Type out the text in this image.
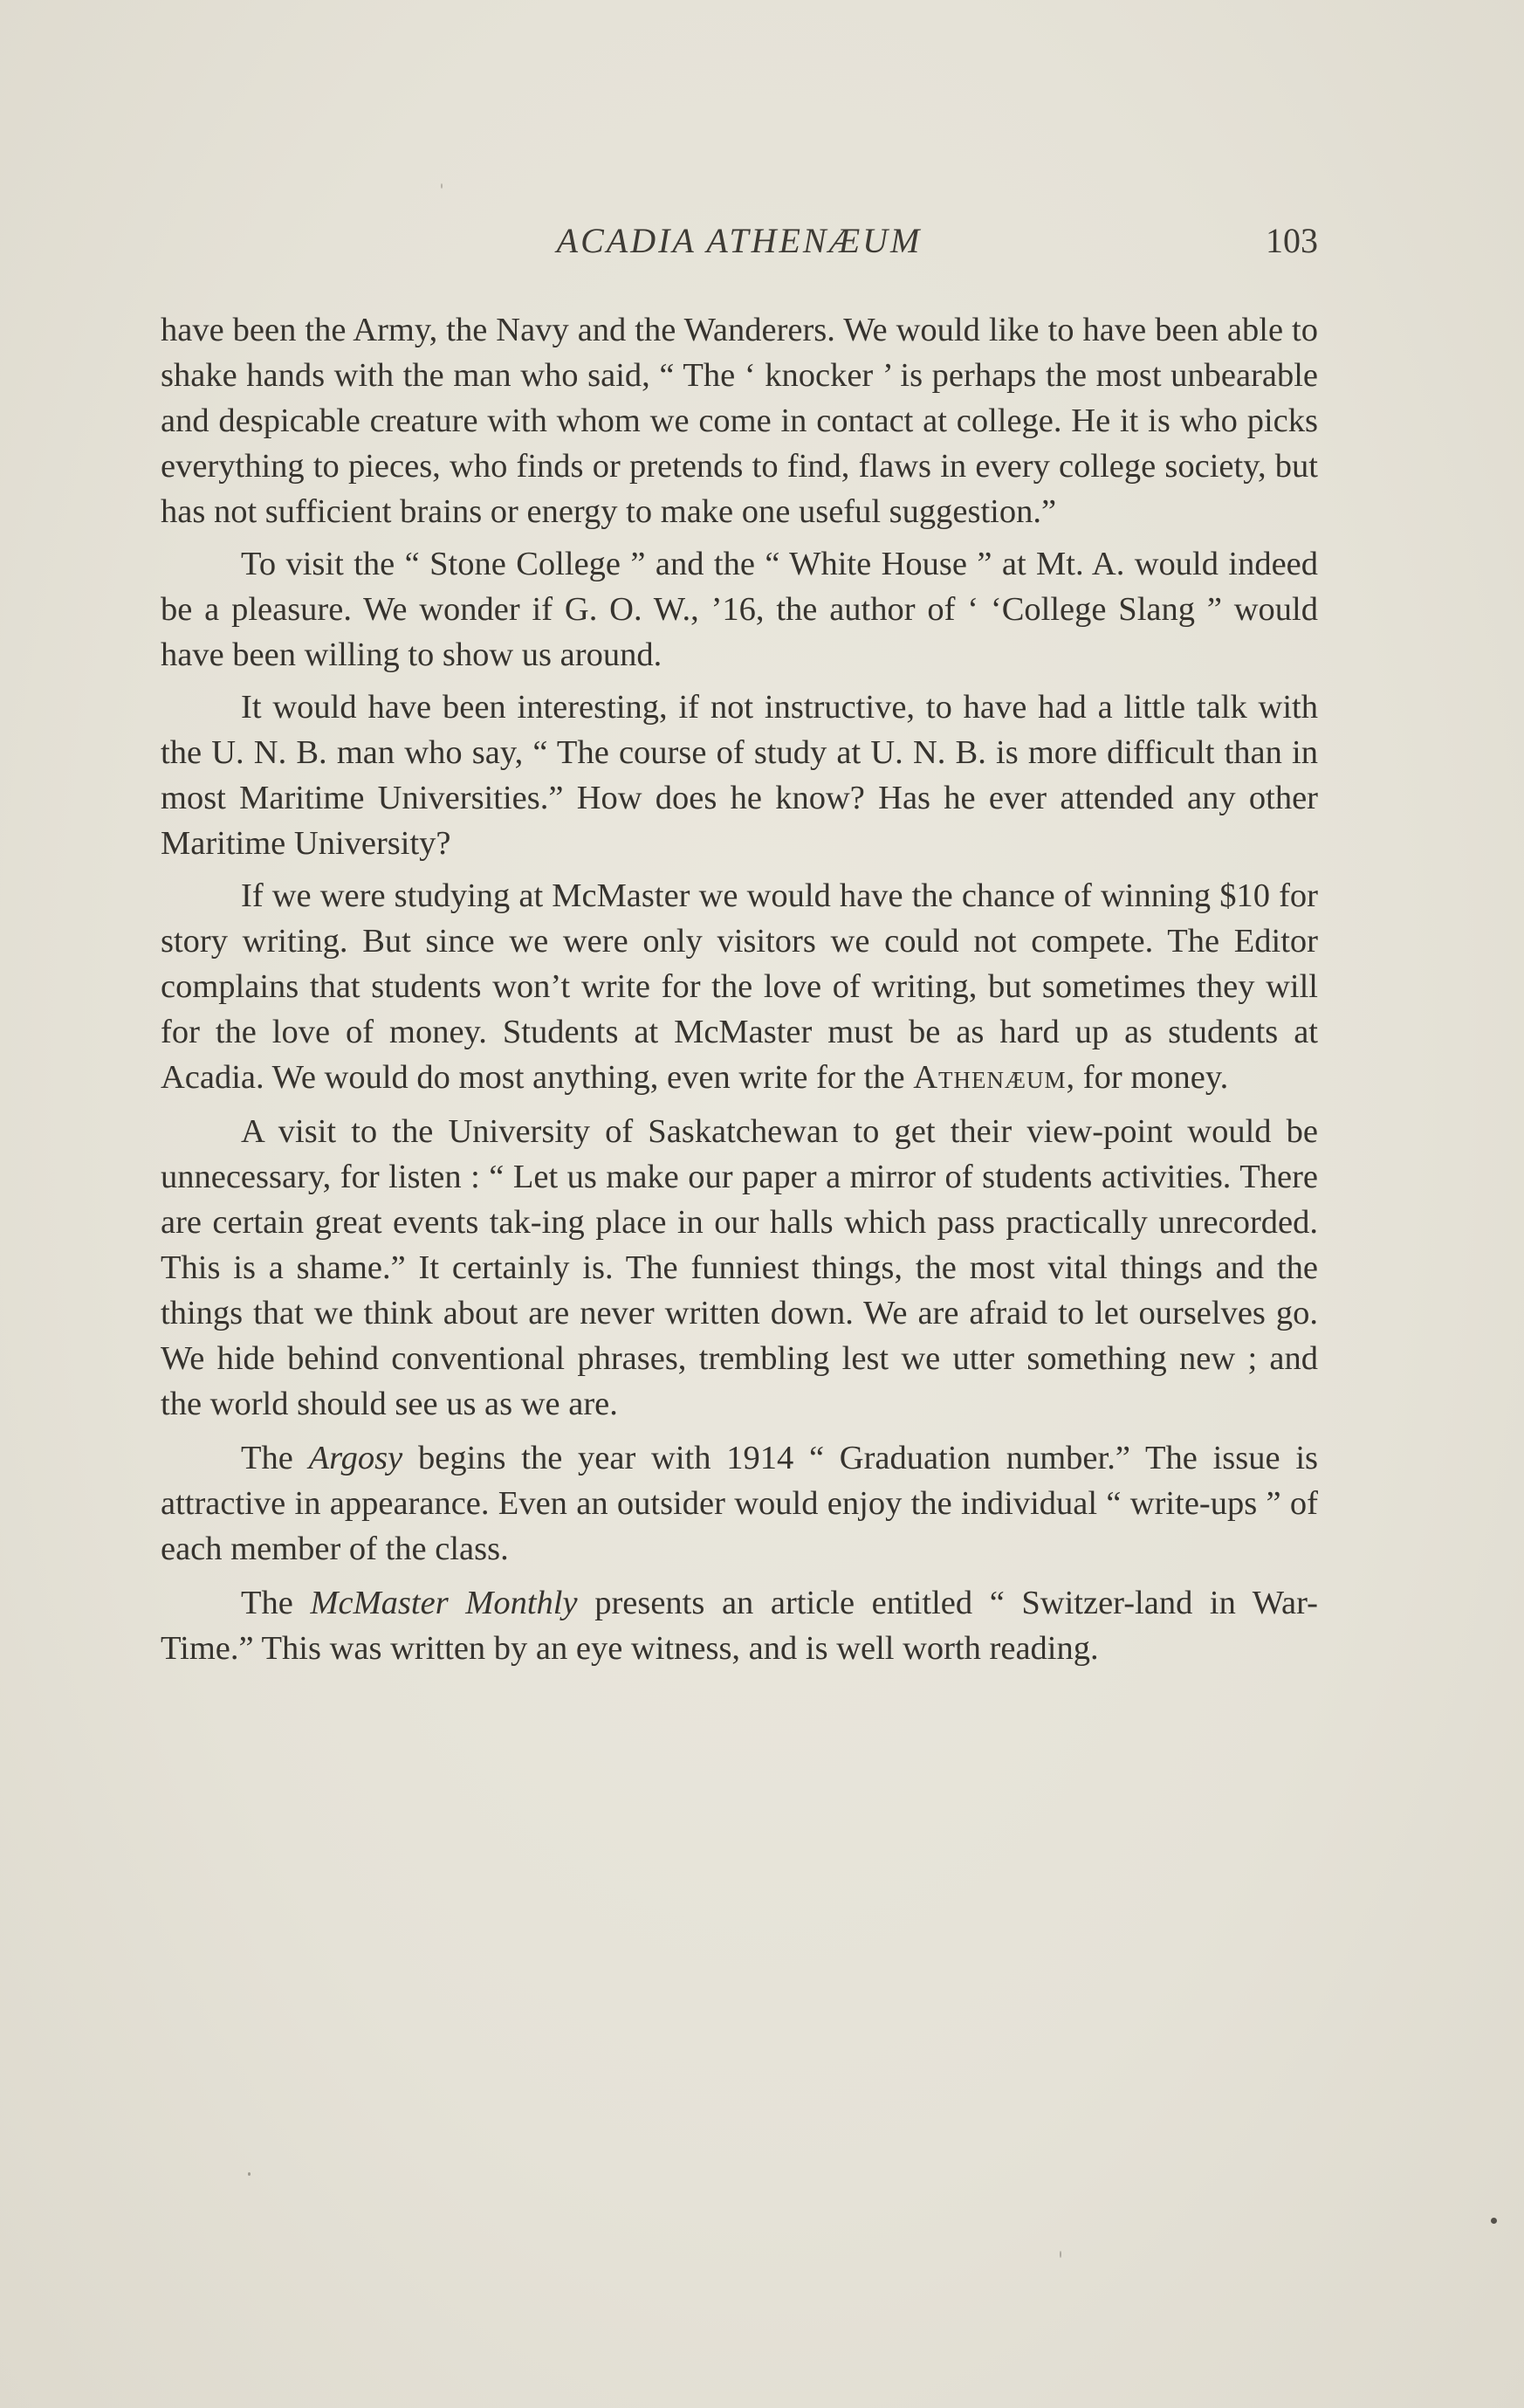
ACADIA ATHENÆUM	103

have been the Army, the Navy and the Wanderers. We would like to have been able to shake hands with the man who said, “ The ‘ knocker ’ is perhaps the most unbearable and despicable creature with whom we come in contact at college. He it is who picks everything to pieces, who finds or pretends to find, flaws in every college society, but has not sufficient brains or energy to make one useful suggestion.”

To visit the “ Stone College ” and the “ White House ” at Mt. A. would indeed be a pleasure. We wonder if G. O. W., ’16, the author of ‘ ‘College Slang ” would have been willing to show us around.

It would have been interesting, if not instructive, to have had a little talk with the U. N. B. man who say, “ The course of study at U. N. B. is more difficult than in most Maritime Universities.” How does he know? Has he ever attended any other Maritime University?

If we were studying at McMaster we would have the chance of winning $10 for story writing. But since we were only visitors we could not compete. The Editor complains that students won’t write for the love of writing, but sometimes they will for the love of money. Students at McMaster must be as hard up as students at Acadia. We would do most anything, even write for the Athenæum, for money.

A visit to the University of Saskatchewan to get their view-point would be unnecessary, for listen : “ Let us make our paper a mirror of students activities. There are certain great events tak-ing place in our halls which pass practically unrecorded. This is a shame.” It certainly is. The funniest things, the most vital things and the things that we think about are never written down. We are afraid to let ourselves go. We hide behind conventional phrases, trembling lest we utter something new ; and the world should see us as we are.

The Argosy begins the year with 1914 “ Graduation number.” The issue is attractive in appearance. Even an outsider would enjoy the individual “ write-ups ” of each member of the class.

The McMaster Monthly presents an article entitled “ Switzer-land in War-Time.” This was written by an eye witness, and is well worth reading.
